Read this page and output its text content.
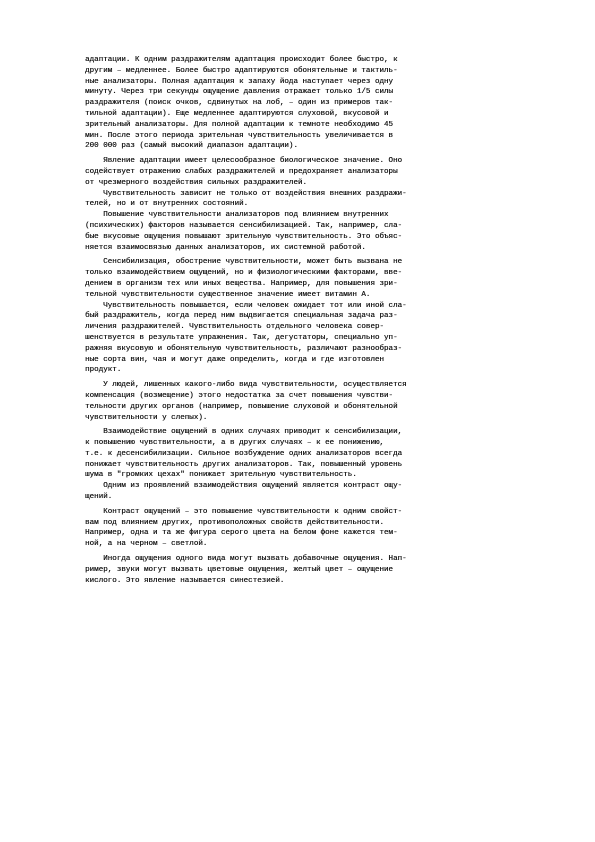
адаптации. К одним раздражителям адаптация происходит более быстро, к
другим – медленнее. Более быстро адаптируются обонятельные и тактиль-
ные анализаторы. Полная адаптация к запаху йода наступает через одну
минуту. Через три секунды ощущение давления отражает только 1/5 силы
раздражителя (поиск очков, сдвинутых на лоб, – один из примеров так-
тильной адаптации). Еще медленнее адаптируются слуховой, вкусовой и
зрительный анализаторы. Для полной адаптации к темноте необходимо 45
мин. После этого периода зрительная чувствительность увеличивается в
200 000 раз (самый высокий диапазон адаптации).
Явление адаптации имеет целесообразное биологическое значение. Оно
содействует отражению слабых раздражителей и предохраняет анализаторы
от чрезмерного воздействия сильных раздражителей.
Чувствительность зависит не только от воздействия внешних раздражи-
телей, но и от внутренних состояний.
Повышение чувствительности анализаторов под влиянием внутренних
(психических) факторов называется сенсибилизацией. Так, например, сла-
бые вкусовые ощущения повышают зрительную чувствительность. Это объяс-
няется взаимосвязью данных анализаторов, их системной работой.
Сенсибилизация, обострение чувствительности, может быть вызвана не
только взаимодействием ощущений, но и физиологическими факторами, вве-
дением в организм тех или иных вещества. Например, для повышения зри-
тельной чувствительности существенное значение имеет витамин А.
Чувствительность повышается, если человек ожидает тот или иной сла-
бый раздражитель, когда перед ним выдвигается специальная задача раз-
личения раздражителей. Чувствительность отдельного человека совер-
шенствуется в результате упражнения. Так, дегустаторы, специально уп-
ражняя вкусовую и обонятельную чувствительность, различают разнообраз-
ные сорта вин, чая и могут даже определить, когда и где изготовлен
продукт.
У людей, лишенных какого-либо вида чувствительности, осуществляется
компенсация (возмещение) этого недостатка за счет повышения чувстви-
тельности других органов (например, повышение слуховой и обонятельной
чувствительности у слепых).
Взаимодействие ощущений в одних случаях приводит к сенсибилизации,
к повышению чувствительности, а в других случаях – к ее понижению,
т.е. к десенсибилизации. Сильное возбуждение одних анализаторов всегда
понижает чувствительность других анализаторов. Так, повышенный уровень
шума в "громких цехах" понижает зрительную чувствительность.
Одним из проявлений взаимодействия ощущений является контраст ощу-
щений.
Контраст ощущений – это повышение чувствительности к одним свойст-
вам под влиянием других, противоположных свойств действительности.
Например, одна и та же фигура серого цвета на белом фоне кажется тем-
ной, а на черном – светлой.
Иногда ощущения одного вида могут вызвать добавочные ощущения. Нап-
ример, звуки могут вызвать цветовые ощущения, желтый цвет – ощущение
кислого. Это явление называется синестезией.
